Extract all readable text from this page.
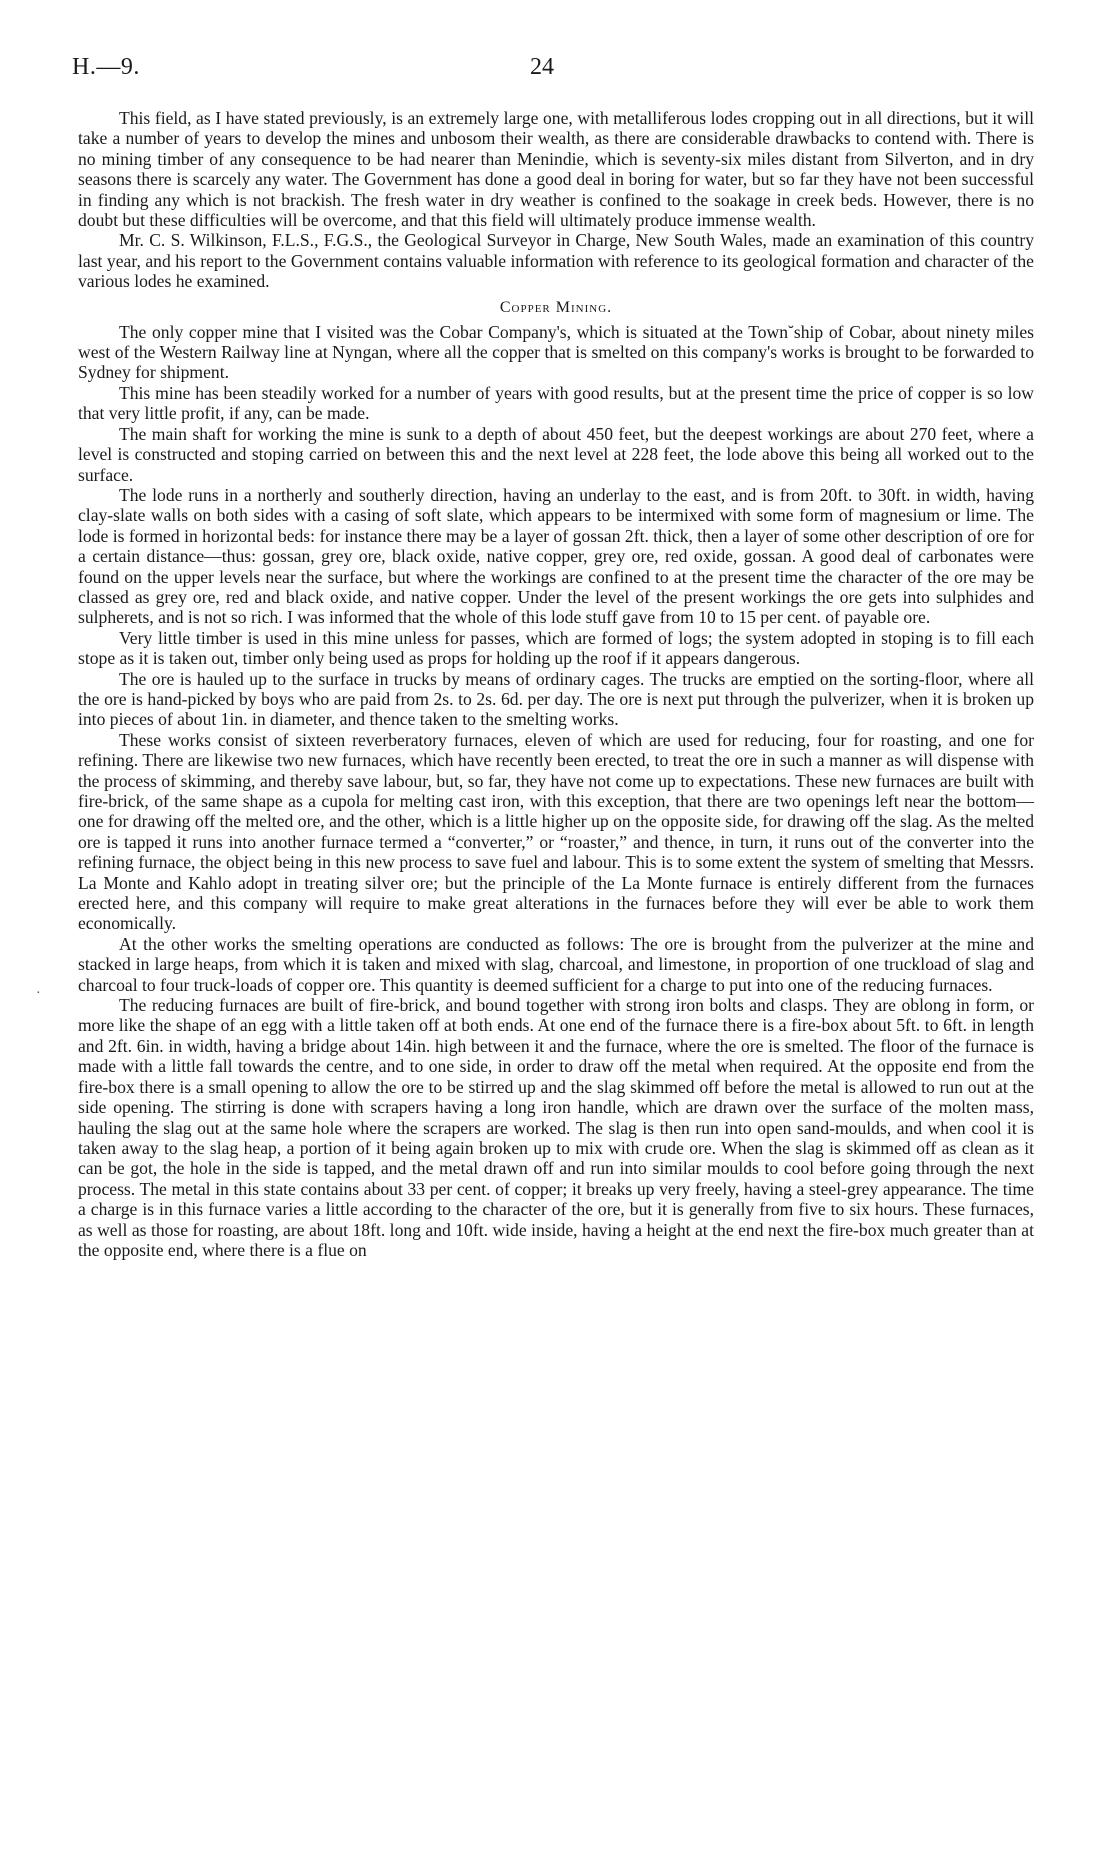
H.—9.	24
·

This field, as I have stated previously, is an extremely large one, with metalliferous lodes cropping out in all directions, but it will take a number of years to develop the mines and unbosom their wealth, as there are considerable drawbacks to contend with. There is no mining timber of any consequence to be had nearer than Menindie, which is seventy-six miles distant from Silverton, and in dry seasons there is scarcely any water. The Government has done a good deal in boring for water, but so far they have not been successful in finding any which is not brackish. The fresh water in dry weather is confined to the soakage in creek beds. However, there is no doubt but these difficulties will be overcome, and that this field will ultimately produce immense wealth.

Mr. C. S. Wilkinson, F.L.S., F.G.S., the Geological Surveyor in Charge, New South Wales, made an examination of this country last year, and his report to the Government contains valuable information with reference to its geological formation and character of the various lodes he examined.

Copper Mining.

The only copper mine that I visited was the Cobar Company's, which is situated at the Town˘ship of Cobar, about ninety miles west of the Western Railway line at Nyngan, where all the copper that is smelted on this company's works is brought to be forwarded to Sydney for shipment.

This mine has been steadily worked for a number of years with good results, but at the present time the price of copper is so low that very little profit, if any, can be made.

The main shaft for working the mine is sunk to a depth of about 450 feet, but the deepest workings are about 270 feet, where a level is constructed and stoping carried on between this and the next level at 228 feet, the lode above this being all worked out to the surface.

The lode runs in a northerly and southerly direction, having an underlay to the east, and is from 20ft. to 30ft. in width, having clay-slate walls on both sides with a casing of soft slate, which appears to be intermixed with some form of magnesium or lime. The lode is formed in horizontal beds: for instance there may be a layer of gossan 2ft. thick, then a layer of some other description of ore for a certain distance—thus: gossan, grey ore, black oxide, native copper, grey ore, red oxide, gossan. A good deal of carbonates were found on the upper levels near the surface, but where the workings are confined to at the present time the character of the ore may be classed as grey ore, red and black oxide, and native copper. Under the level of the present workings the ore gets into sulphides and sulpherets, and is not so rich. I was informed that the whole of this lode stuff gave from 10 to 15 per cent. of payable ore.

Very little timber is used in this mine unless for passes, which are formed of logs; the system adopted in stoping is to fill each stope as it is taken out, timber only being used as props for holding up the roof if it appears dangerous.

The ore is hauled up to the surface in trucks by means of ordinary cages. The trucks are emptied on the sorting-floor, where all the ore is hand-picked by boys who are paid from 2s. to 2s. 6d. per day. The ore is next put through the pulverizer, when it is broken up into pieces of about 1in. in diameter, and thence taken to the smelting works.

These works consist of sixteen reverberatory furnaces, eleven of which are used for reducing, four for roasting, and one for refining. There are likewise two new furnaces, which have recently been erected, to treat the ore in such a manner as will dispense with the process of skimming, and thereby save labour, but, so far, they have not come up to expectations. These new furnaces are built with fire-brick, of the same shape as a cupola for melting cast iron, with this exception, that there are two openings left near the bottom—one for drawing off the melted ore, and the other, which is a little higher up on the opposite side, for drawing off the slag. As the melted ore is tapped it runs into another furnace termed a “converter,” or “roaster,” and thence, in turn, it runs out of the converter into the refining furnace, the object being in this new process to save fuel and labour. This is to some extent the system of smelting that Messrs. La Monte and Kahlo adopt in treating silver ore; but the principle of the La Monte furnace is entirely different from the furnaces erected here, and this company will require to make great alterations in the furnaces before they will ever be able to work them economically.

At the other works the smelting operations are conducted as follows: The ore is brought from the pulverizer at the mine and stacked in large heaps, from which it is taken and mixed with slag, charcoal, and limestone, in proportion of one truckload of slag and charcoal to four truck-loads of copper ore. This quantity is deemed sufficient for a charge to put into one of the reducing furnaces.

The reducing furnaces are built of fire-brick, and bound together with strong iron bolts and clasps. They are oblong in form, or more like the shape of an egg with a little taken off at both ends. At one end of the furnace there is a fire-box about 5ft. to 6ft. in length and 2ft. 6in. in width, having a bridge about 14in. high between it and the furnace, where the ore is smelted. The floor of the furnace is made with a little fall towards the centre, and to one side, in order to draw off the metal when required. At the opposite end from the fire-box there is a small opening to allow the ore to be stirred up and the slag skimmed off before the metal is allowed to run out at the side opening. The stirring is done with scrapers having a long iron handle, which are drawn over the surface of the molten mass, hauling the slag out at the same hole where the scrapers are worked. The slag is then run into open sand-moulds, and when cool it is taken away to the slag heap, a portion of it being again broken up to mix with crude ore. When the slag is skimmed off as clean as it can be got, the hole in the side is tapped, and the metal drawn off and run into similar moulds to cool before going through the next process. The metal in this state contains about 33 per cent. of copper; it breaks up very freely, having a steel-grey appearance. The time a charge is in this furnace varies a little according to the character of the ore, but it is generally from five to six hours. These furnaces, as well as those for roasting, are about 18ft. long and 10ft. wide inside, having a height at the end next the fire-box much greater than at the opposite end, where there is a flue on
